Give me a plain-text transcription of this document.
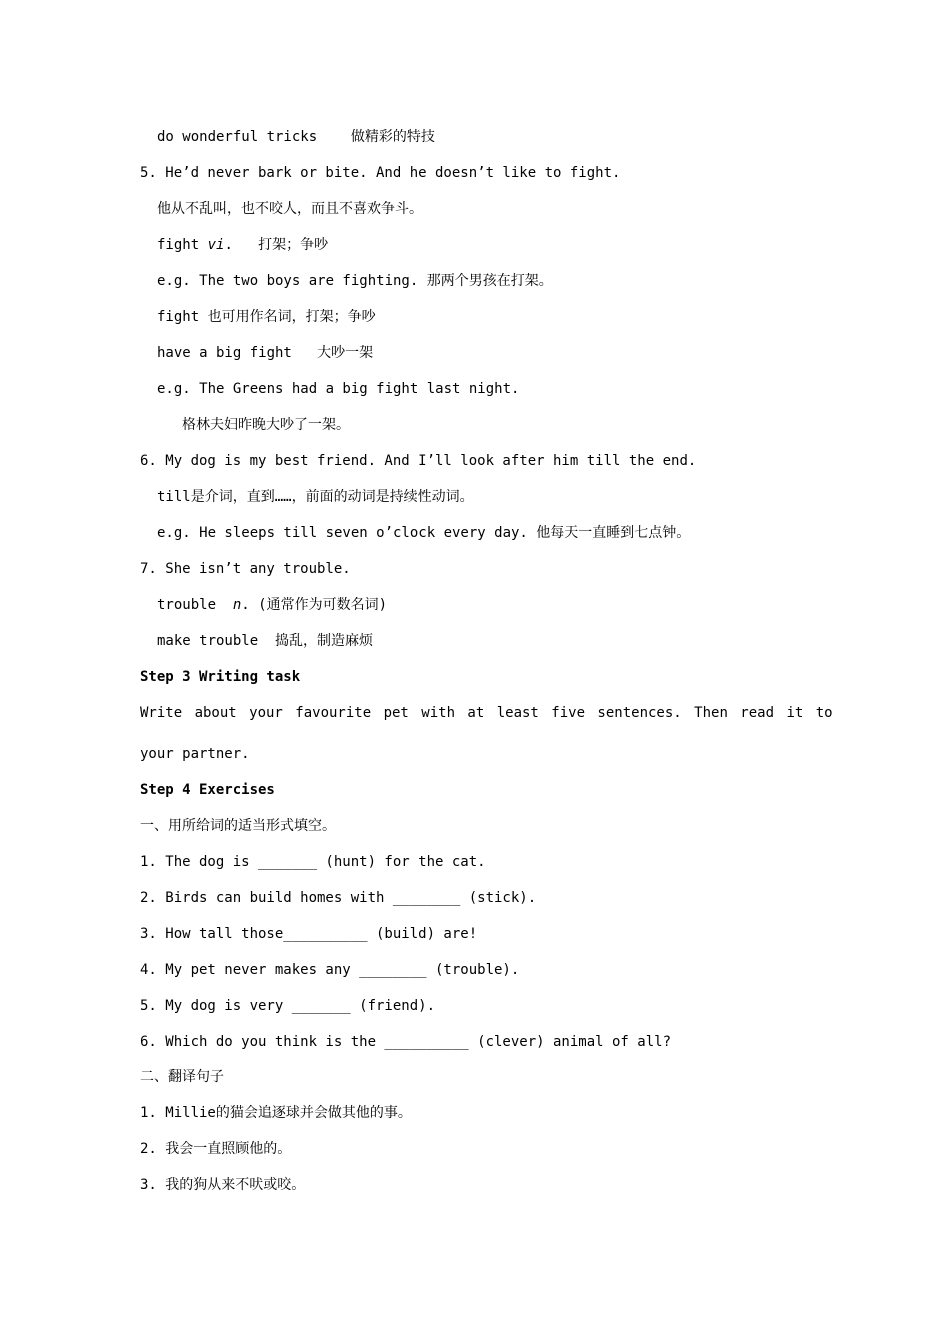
do wonderful tricks    做精彩的特技
5. He’d never bark or bite. And he doesn’t like to fight.
他从不乱叫，也不咬人，而且不喜欢争斗。
fight vi.   打架；争吵
e.g. The two boys are fighting. 那两个男孩在打架。
fight 也可用作名词，打架；争吵
have a big fight   大吵一架
e.g. The Greens had a big fight last night.
格林夫妇昨晚大吵了一架。
6. My dog is my best friend. And I’ll look after him till the end.
till是介词，直到……，前面的动词是持续性动词。
e.g. He sleeps till seven o’clock every day. 他每天一直睡到七点钟。
7. She isn’t any trouble.
trouble  n. (通常作为可数名词)
make trouble  捣乱，制造麻烦
Step 3 Writing task
Write about your favourite pet with at least five sentences. Then read it to
your partner.
Step 4 Exercises
一、用所给词的适当形式填空。
1. The dog is _______ (hunt) for the cat.
2. Birds can build homes with ________ (stick).
3. How tall those__________ (build) are!
4. My pet never makes any ________ (trouble).
5. My dog is very _______ (friend).
6. Which do you think is the __________ (clever) animal of all?
二、翻译句子
1. Millie的猫会追逐球并会做其他的事。
2. 我会一直照顾他的。
3. 我的狗从来不吠或咬。
